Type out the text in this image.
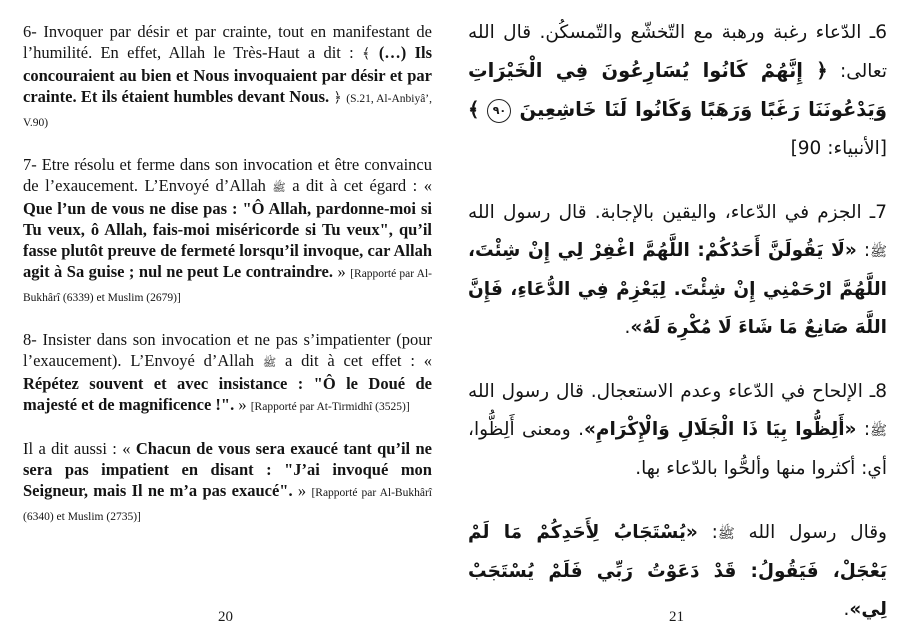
6- Invoquer par désir et par crainte, tout en manifestant de l’humilité. En effet, Allah le Très-Haut a dit : ﴾ (…) Ils concouraient au bien et Nous invoquaient par désir et par crainte. Et ils étaient humbles devant Nous. ﴿ (S.21, Al-Anbiyâ’, V.90)

7- Etre résolu et ferme dans son invocation et être convaincu de l’exaucement. L’Envoyé d’Allah ﷺ a dit à cet égard : « Que l’un de vous ne dise pas : "Ô Allah, pardonne-moi si Tu veux, ô Allah, fais-moi miséricorde si Tu veux", qu’il fasse plutôt preuve de fermeté lorsqu’il invoque, car Allah agit à Sa guise ; nul ne peut Le contraindre. » [Rapporté par Al-Bukhârî (6339) et Muslim (2679)]

8- Insister dans son invocation et ne pas s’impatienter (pour l’exaucement). L’Envoyé d’Allah ﷺ a dit à cet effet : « Répétez souvent et avec insistance : "Ô le Doué de majesté et de magnificence !". » [Rapporté par At-Tirmidhî (3525)]

Il a dit aussi : « Chacun de vous sera exaucé tant qu’il ne sera pas impatient en disant : "J’ai invoqué mon Seigneur, mais Il ne m’a pas exaucé". » [Rapporté par Al-Bukhârî (6340) et Muslim (2735)]

20

6ـ الدّعاء رغبة ورهبة مع التّخشّع والتّمسكُن. قال الله تعالى: ﴿ إِنَّهُمْ كَانُوا يُسَارِعُونَ فِي الْخَيْرَاتِ وَيَدْعُونَنَا رَغَبًا وَرَهَبًا وَكَانُوا لَنَا خَاشِعِينَ ٩٠ ﴾ [الأنبياء: 90]

7ـ الجزم في الدّعاء، واليقين بالإجابة. قال رسول الله ﷺ: «لَا يَقُولَنَّ أَحَدُكُمْ: اللَّهُمَّ اغْفِرْ لِي إِنْ شِئْتَ، اللَّهُمَّ ارْحَمْنِي إِنْ شِئْتَ. لِيَعْزِمْ فِي الدُّعَاءِ، فَإِنَّ اللَّهَ صَانِعٌ مَا شَاءَ لَا مُكْرِهَ لَهُ».

8ـ الإلحاح في الدّعاء وعدم الاستعجال. قال رسول الله ﷺ: «أَلِظُّوا بِيَا ذَا الْجَلَالِ وَالْإِكْرَامِ». ومعنى أَلِظُّوا، أي: أكثروا منها وألحُّوا بالدّعاء بها.

وقال رسول الله ﷺ: «يُسْتَجَابُ لِأَحَدِكُمْ مَا لَمْ يَعْجَلْ، فَيَقُولُ: قَدْ دَعَوْتُ رَبِّي فَلَمْ يُسْتَجَبْ لِي».

21
